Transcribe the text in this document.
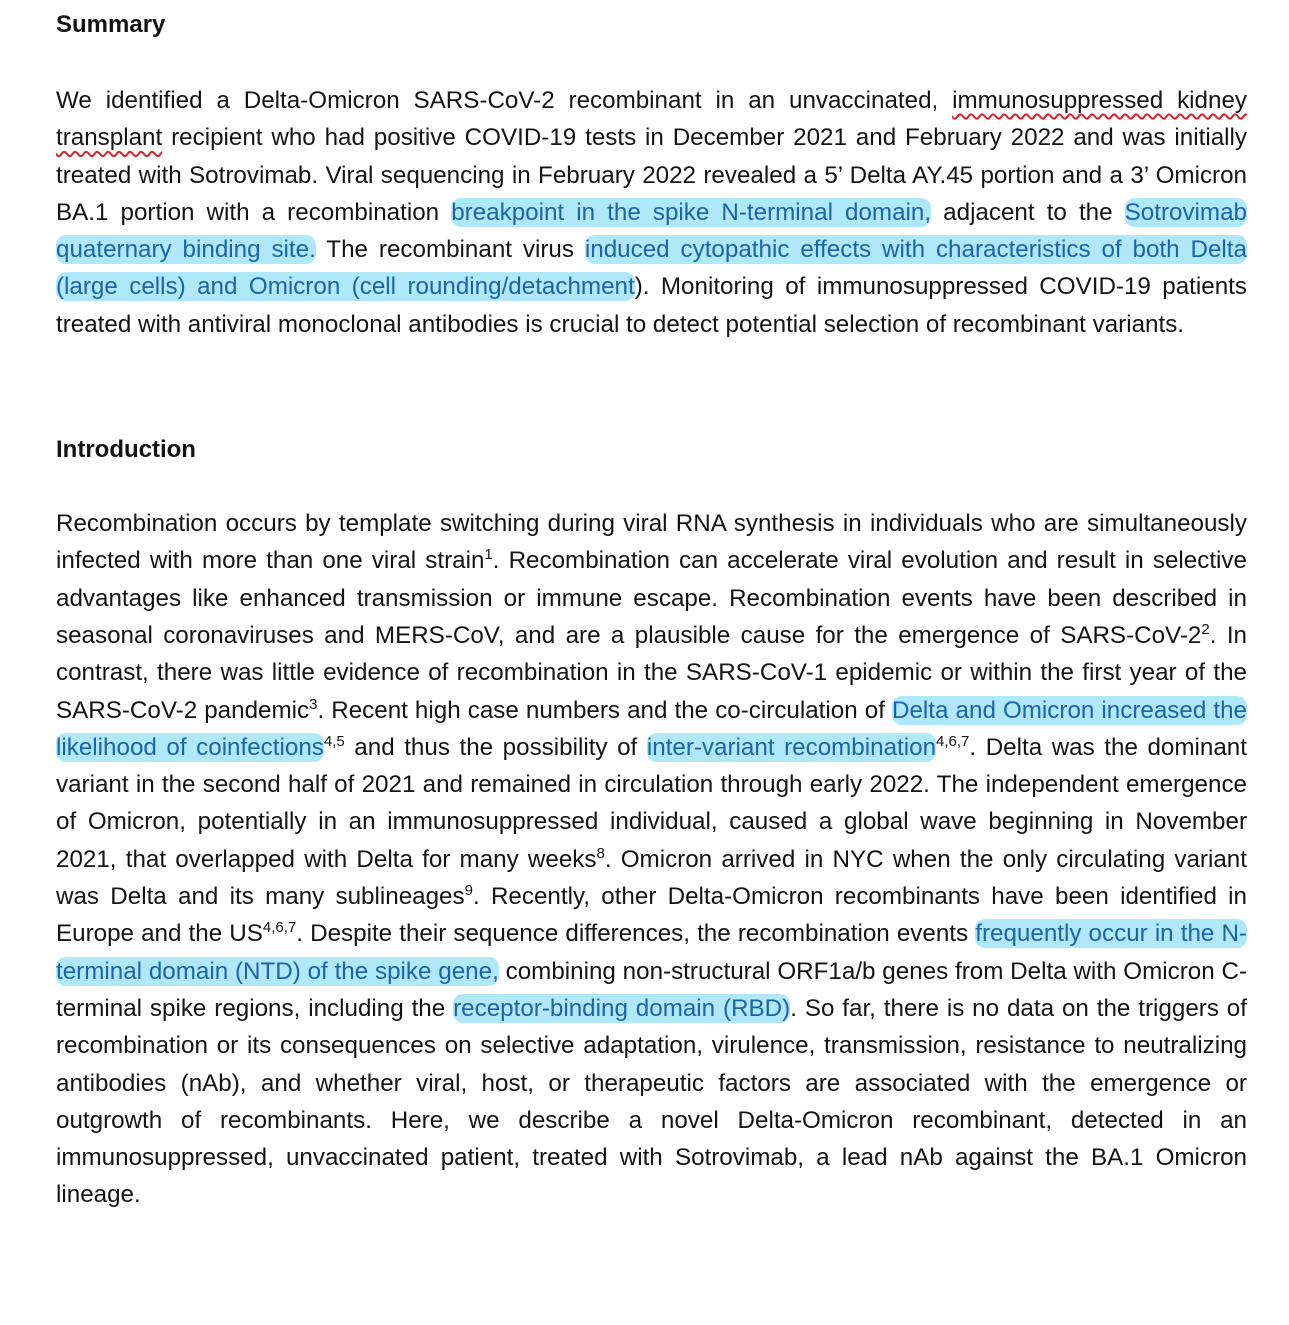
Summary

We identified a Delta-Omicron SARS-CoV-2 recombinant in an unvaccinated, immunosuppressed kidney transplant recipient who had positive COVID-19 tests in December 2021 and February 2022 and was initially treated with Sotrovimab. Viral sequencing in February 2022 revealed a 5’ Delta AY.45 portion and a 3’ Omicron BA.1 portion with a recombination breakpoint in the spike N-terminal domain, adjacent to the Sotrovimab quaternary binding site. The recombinant virus induced cytopathic effects with characteristics of both Delta (large cells) and Omicron (cell rounding/detachment). Monitoring of immunosuppressed COVID-19 patients treated with antiviral monoclonal antibodies is crucial to detect potential selection of recombinant variants.

Introduction

Recombination occurs by template switching during viral RNA synthesis in individuals who are simultaneously infected with more than one viral strain$^1$. Recombination can accelerate viral evolution and result in selective advantages like enhanced transmission or immune escape. Recombination events have been described in seasonal coronaviruses and MERS-CoV, and are a plausible cause for the emergence of SARS-$CoV-2^2$. In contrast, there was little evidence of recombination in the SARS-CoV-1 epidemic or within the first year of the SARS-CoV-2 pandemic$^3$. Recent high case numbers and the co-circulation of Delta and Omicron increased the likelihood of coinfections$^{4,5}$ and thus the possibility of inter-variant recombination$^{4,6,7}$. Delta was the dominant variant in the second half of 2021 and remained in circulation through early 2022. The independent emergence of Omicron, potentially in an immunosuppressed individual, caused a global wave beginning in November 2021, that overlapped with Delta for many weeks$^8$. Omicron arrived in NYC when the only circulating variant was Delta and its many sublineages$^9$. Recently, other Delta-Omicron recombinants have been identified in Europe and the US$^{4,6,7}$. Despite their sequence differences, the recombination events frequently occur in the N-terminal domain (NTD) of the spike gene, combining non-structural ORF1a/b genes from Delta with Omicron C-terminal spike regions, including the receptor-binding domain (RBD). So far, there is no data on the triggers of recombination or its consequences on selective adaptation, virulence, transmission, resistance to neutralizing antibodies (nAb), and whether viral, host, or therapeutic factors are associated with the emergence or outgrowth of recombinants. Here, we describe a novel Delta-Omicron recombinant, detected in an immunosuppressed, unvaccinated patient, treated with Sotrovimab, a lead nAb against the BA.1 Omicron lineage.
